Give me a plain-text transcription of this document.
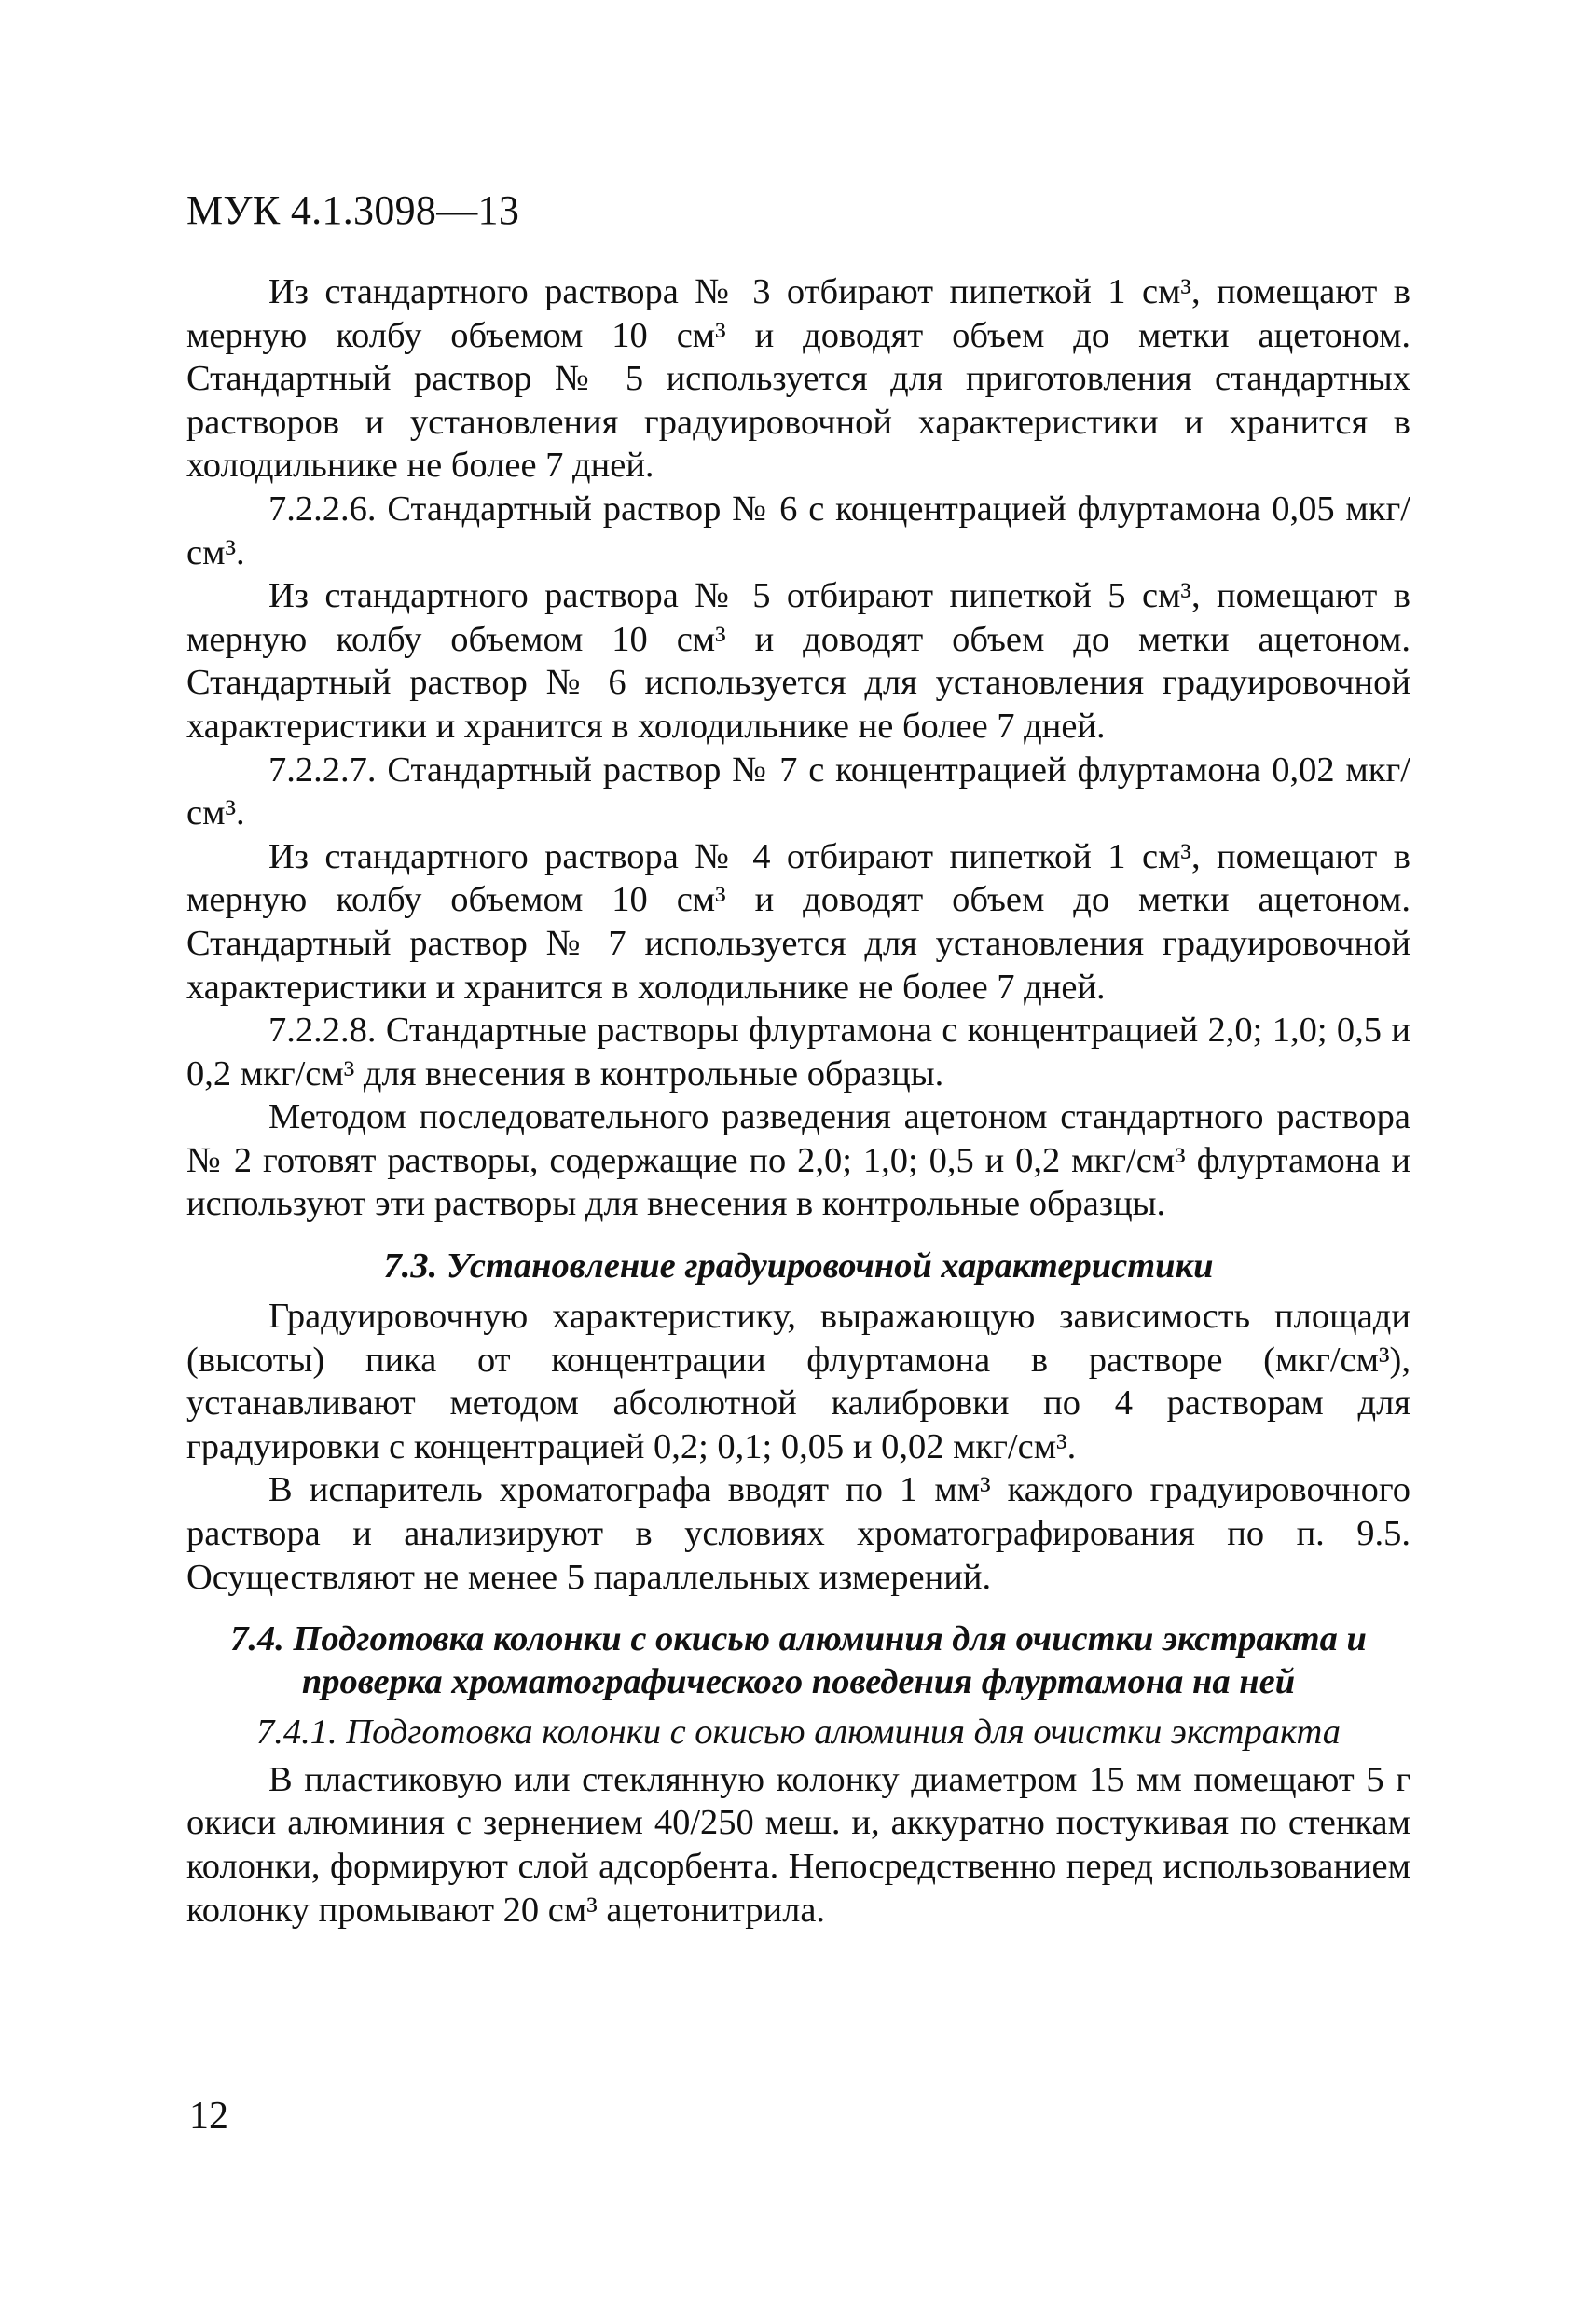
МУК 4.1.3098—13

Из стандартного раствора № 3 отбирают пипеткой 1 см³, помещают в мерную колбу объемом 10 см³ и доводят объем до метки ацетоном. Стандартный раствор № 5 используется для приготовления стандартных растворов и установления градуировочной характеристики и хранится в холодильнике не более 7 дней.

7.2.2.6. Стандартный раствор № 6 с концентрацией флуртамона 0,05 мкг/см³.

Из стандартного раствора № 5 отбирают пипеткой 5 см³, помещают в мерную колбу объемом 10 см³ и доводят объем до метки ацетоном. Стандартный раствор № 6 используется для установления градуировочной характеристики и хранится в холодильнике не более 7 дней.

7.2.2.7. Стандартный раствор № 7 с концентрацией флуртамона 0,02 мкг/см³.

Из стандартного раствора № 4 отбирают пипеткой 1 см³, помещают в мерную колбу объемом 10 см³ и доводят объем до метки ацетоном. Стандартный раствор № 7 используется для установления градуировочной характеристики и хранится в холодильнике не более 7 дней.

7.2.2.8. Стандартные растворы флуртамона с концентрацией 2,0; 1,0; 0,5 и 0,2 мкг/см³ для внесения в контрольные образцы.

Методом последовательного разведения ацетоном стандартного раствора № 2 готовят растворы, содержащие по 2,0; 1,0; 0,5 и 0,2 мкг/см³ флуртамона и используют эти растворы для внесения в контрольные образцы.

7.3. Установление градуировочной характеристики

Градуировочную характеристику, выражающую зависимость площади (высоты) пика от концентрации флуртамона в растворе (мкг/см³), устанавливают методом абсолютной калибровки по 4 растворам для градуировки с концентрацией 0,2; 0,1; 0,05 и 0,02 мкг/см³.

В испаритель хроматографа вводят по 1 мм³ каждого градуировочного раствора и анализируют в условиях хроматографирования по п. 9.5. Осуществляют не менее 5 параллельных измерений.

7.4. Подготовка колонки с окисью алюминия для очистки экстракта и проверка хроматографического поведения флуртамона на ней
7.4.1. Подготовка колонки с окисью алюминия для очистки экстракта

В пластиковую или стеклянную колонку диаметром 15 мм помещают 5 г окиси алюминия с зернением 40/250 меш. и, аккуратно постукивая по стенкам колонки, формируют слой адсорбента. Непосредственно перед использованием колонку промывают 20 см³ ацетонитрила.

12
